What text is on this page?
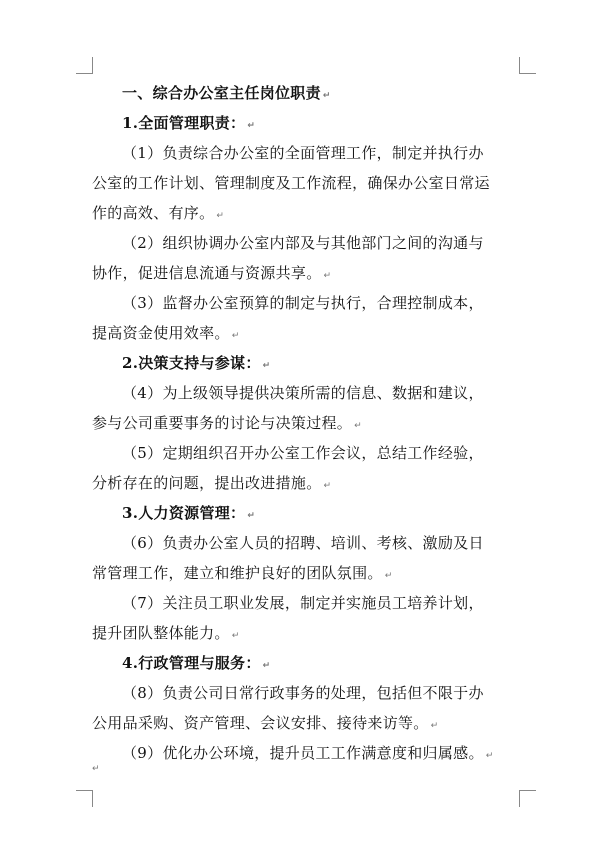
一、综合办公室主任岗位职责 ↵
1.全面管理职责： ↵
（1）负责综合办公室的全面管理工作，制定并执行办
公室的工作计划、管理制度及工作流程，确保办公室日常运
作的高效、有序。 ↵
（2）组织协调办公室内部及与其他部门之间的沟通与
协作，促进信息流通与资源共享。 ↵
（3）监督办公室预算的制定与执行，合理控制成本，
提高资金使用效率。 ↵
2.决策支持与参谋： ↵
（4）为上级领导提供决策所需的信息、数据和建议，
参与公司重要事务的讨论与决策过程。 ↵
（5）定期组织召开办公室工作会议，总结工作经验，
分析存在的问题，提出改进措施。 ↵
3.人力资源管理： ↵
（6）负责办公室人员的招聘、培训、考核、激励及日
常管理工作，建立和维护良好的团队氛围。 ↵
（7）关注员工职业发展，制定并实施员工培养计划，
提升团队整体能力。 ↵
4.行政管理与服务： ↵
（8）负责公司日常行政事务的处理，包括但不限于办
公用品采购、资产管理、会议安排、接待来访等。 ↵
（9）优化办公环境，提升员工工作满意度和归属感。 ↵
↵
